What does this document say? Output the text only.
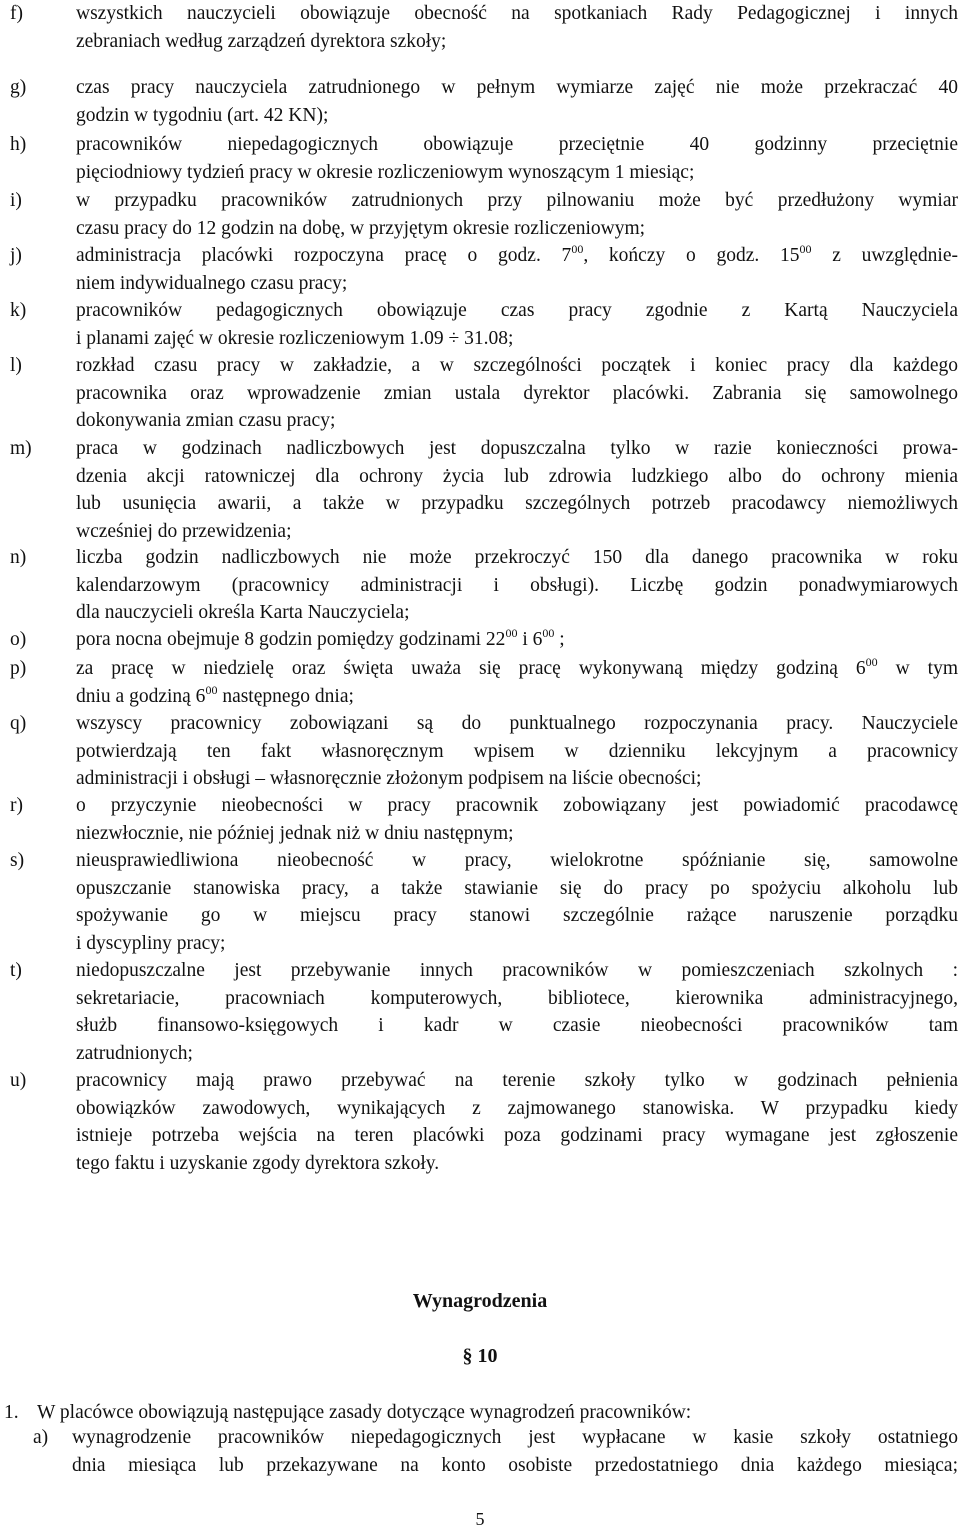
f)	wszystkich nauczycieli obowiązuje obecność na spotkaniach Rady Pedagogicznej i innych
zebraniach według zarządzeń dyrektora szkoły;
g)	czas pracy nauczyciela zatrudnionego w pełnym wymiarze zajęć nie może przekraczać 40
godzin w tygodniu (art. 42 KN);
h)	pracowników niepedagogicznych obowiązuje przeciętnie 40 godzinny przeciętnie
pięciodniowy tydzień pracy w okresie rozliczeniowym wynoszącym 1 miesiąc;
i)	w przypadku pracowników zatrudnionych przy pilnowaniu może być przedłużony wymiar
czasu pracy do 12 godzin na dobę, w przyjętym okresie rozliczeniowym;
j)	administracja placówki rozpoczyna pracę o godz. $7^{00}$, kończy o godz. $15^{00}$ z uwzględnie-
niem indywidualnego czasu pracy;
k)	pracowników pedagogicznych obowiązuje czas pracy zgodnie z Kartą Nauczyciela
i planami zajęć w okresie rozliczeniowym 1.09 ÷ 31.08;
l)	rozkład czasu pracy w zakładzie, a w szczególności początek i koniec pracy dla każdego
pracownika oraz wprowadzenie zmian ustala dyrektor placówki. Zabrania się samowolnego
dokonywania zmian czasu pracy;
m) praca w godzinach nadliczbowych jest dopuszczalna tylko w razie konieczności prowa-
dzenia akcji ratowniczej dla ochrony życia lub zdrowia ludzkiego albo do ochrony mienia
lub usunięcia awarii, a także w przypadku szczególnych potrzeb pracodawcy niemożliwych
wcześniej do przewidzenia;
n)	liczba godzin nadliczbowych nie może przekroczyć 150 dla danego pracownika w roku
kalendarzowym (pracownicy administracji i obsługi). Liczbę godzin ponadwymiarowych
dla nauczycieli określa Karta Nauczyciela;
o)	pora nocna obejmuje 8 godzin pomiędzy godzinami $22^{00}$ i $6^{00}$ ;
p)	za pracę w niedzielę oraz święta uważa się pracę wykonywaną między godziną $6^{00}$ w tym
dniu a godziną $6^{00}$ następnego dnia;
q)	wszyscy pracownicy zobowiązani są do punktualnego rozpoczynania pracy. Nauczyciele
potwierdzają ten fakt własnoręcznym wpisem w dzienniku lekcyjnym a pracownicy
administracji i obsługi – własnoręcznie złożonym podpisem na liście obecności;
r)	o przyczynie nieobecności w pracy pracownik zobowiązany jest powiadomić pracodawcę
niezwłocznie, nie później jednak niż w dniu następnym;
s)	nieusprawiedliwiona nieobecność w pracy, wielokrotne spóźnianie się, samowolne
opuszczanie stanowiska pracy, a także stawianie się do pracy po spożyciu alkoholu lub
spożywanie go w miejscu pracy stanowi szczególnie rażące naruszenie porządku
i dyscypliny pracy;
t)	niedopuszczalne jest przebywanie innych pracowników w pomieszczeniach szkolnych :
sekretariacie, pracowniach komputerowych, bibliotece, kierownika administracyjnego,
służb finansowo-księgowych i kadr w czasie nieobecności pracowników tam
zatrudnionych;
u)	pracownicy mają prawo przebywać na terenie szkoły tylko w godzinach pełnienia
obowiązków zawodowych, wynikających z zajmowanego stanowiska. W przypadku kiedy
istnieje potrzeba wejścia na teren placówki poza godzinami pracy wymagane jest zgłoszenie
tego faktu i uzyskanie zgody dyrektora szkoły.
Wynagrodzenia
§ 10
1. W placówce obowiązują następujące zasady dotyczące wynagrodzeń pracowników:
a) wynagrodzenie pracowników niepedagogicznych jest wypłacane w kasie szkoły ostatniego
dnia miesiąca lub przekazywane na konto osobiste przedostatniego dnia każdego miesiąca;
5
